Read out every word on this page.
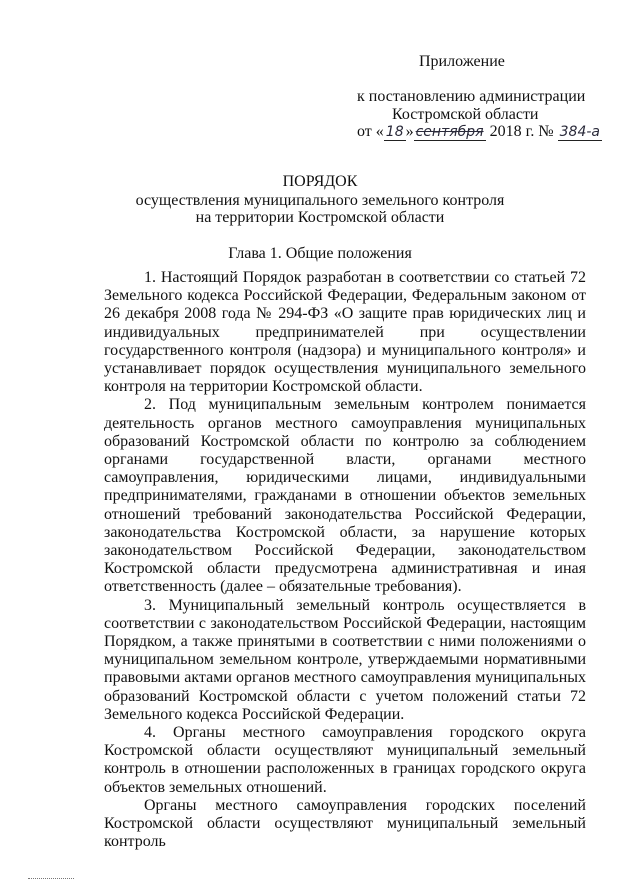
Приложение
к постановлению администрации
Костромской области
от « 18 » сентября 2018 г. № 384-а
ПОРЯДОК
осуществления муниципального земельного контроля
на территории Костромской области
Глава 1. Общие положения

1. Настоящий Порядок разработан в соответствии со статьей 72 Земельного кодекса Российской Федерации, Федеральным законом от 26 декабря 2008 года № 294-ФЗ «О защите прав юридических лиц и индивидуальных предпринимателей при осуществлении государственного контроля (надзора) и муниципального контроля» и устанавливает порядок осуществления муниципального земельного контроля на территории Костромской области.

2. Под муниципальным земельным контролем понимается деятельность органов местного самоуправления муниципальных образований Костромской области по контролю за соблюдением органами государственной власти, органами местного самоуправления, юридическими лицами, индивидуальными предпринимателями, гражданами в отношении объектов земельных отношений требований законодательства Российской Федерации, законодательства Костромской области, за нарушение которых законодательством Российской Федерации, законодательством Костромской области предусмотрена административная и иная ответственность (далее – обязательные требования).

3. Муниципальный земельный контроль осуществляется в соответствии с законодательством Российской Федерации, настоящим Порядком, а также принятыми в соответствии с ними положениями о муниципальном земельном контроле, утверждаемыми нормативными правовыми актами органов местного самоуправления муниципальных образований Костромской области с учетом положений статьи 72 Земельного кодекса Российской Федерации.

4. Органы местного самоуправления городского округа Костромской области осуществляют муниципальный земельный контроль в отношении расположенных в границах городского округа объектов земельных отношений.

Органы местного самоуправления городских поселений Костромской области осуществляют муниципальный земельный контроль
